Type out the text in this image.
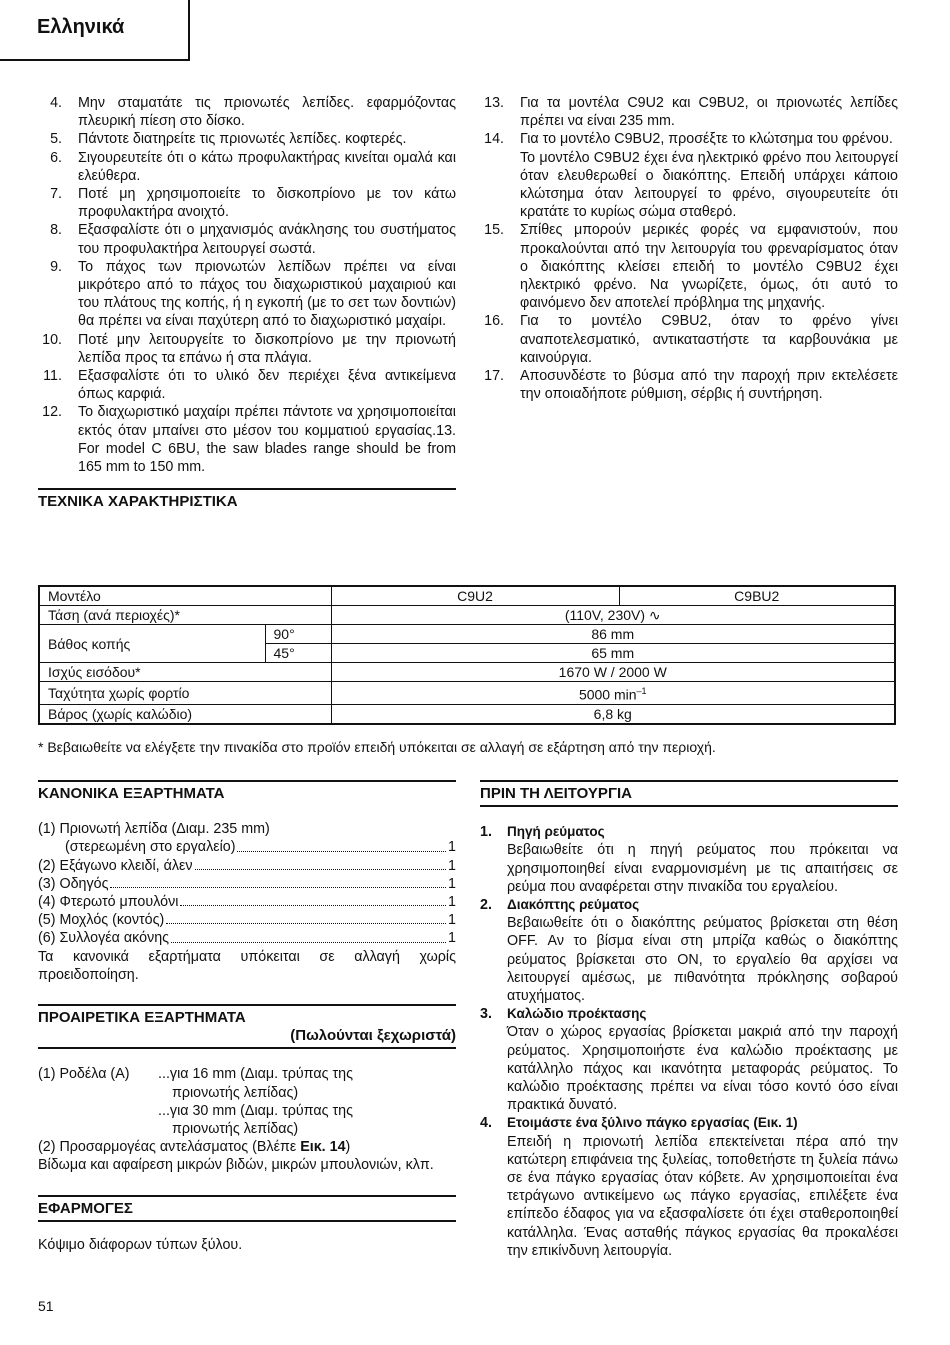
Ελληνικά
4. Μην σταματάτε τις πριονωτές λεπίδες. εφαρμόζοντας πλευρική πίεση στο δίσκο.
5. Πάντοτε διατηρείτε τις πριονωτές λεπίδες. κοφτερές.
6. Σιγουρευτείτε ότι ο κάτω προφυλακτήρας κινείται ομαλά και ελεύθερα.
7. Ποτέ μη χρησιμοποιείτε το δισκοπρίονο με τον κάτω προφυλακτήρα ανοιχτό.
8. Εξασφαλίστε ότι ο μηχανισμός ανάκλησης του συστήματος του προφυλακτήρα λειτουργεί σωστά.
9. Το πάχος των πριονωτών λεπίδων πρέπει να είναι μικρότερο από το πάχος του διαχωριστικού μαχαιριού και του πλάτους της κοπής, ή η εγκοπή (με το σετ των δοντιών) θα πρέπει να είναι παχύτερη από το διαχωριστικό μαχαίρι.
10. Ποτέ μην λειτουργείτε το δισκοπρίονο με την πριονωτή λεπίδα προς τα επάνω ή στα πλάγια.
11. Εξασφαλίστε ότι το υλικό δεν περιέχει ξένα αντικείμενα όπως καρφιά.
12. Το διαχωριστικό μαχαίρι πρέπει πάντοτε να χρησιμοποιείται εκτός όταν μπαίνει στο μέσον του κομματιού εργασίας.13. For model C 6BU, the saw blades range should be from 165 mm to 150 mm.
ΤΕΧΝΙΚΑ ΧΑΡΑΚΤΗΡΙΣΤΙΚΑ
13. Για τα μοντέλα C9U2 και C9BU2, οι πριονωτές λεπίδες πρέπει να είναι 235 mm.
14. Για το μοντέλο C9BU2, προσέξτε το κλώτσημα του φρένου.
Το μοντέλο C9BU2 έχει ένα ηλεκτρικό φρένο που λειτουργεί όταν ελευθερωθεί ο διακόπτης. Επειδή υπάρχει κάποιο κλώτσημα όταν λειτουργεί το φρένο, σιγουρευτείτε ότι κρατάτε το κυρίως σώμα σταθερό.
15. Σπίθες μπορούν μερικές φορές να εμφανιστούν, που προκαλούνται από την λειτουργία του φρεναρίσματος όταν ο διακόπτης κλείσει επειδή το μοντέλο C9BU2 έχει ηλεκτρικό φρένο. Να γνωρίζετε, όμως, ότι αυτό το φαινόμενο δεν αποτελεί πρόβλημα της μηχανής.
16. Για το μοντέλο C9BU2, όταν το φρένο γίνει αναποτελεσματικό, αντικαταστήστε τα καρβουνάκια με καινούργια.
17. Αποσυνδέστε το βύσμα από την παροχή πριν εκτελέσετε την οποιαδήποτε ρύθμιση, σέρβις ή συντήρηση.
Μοντέλο		C9U2	C9BU2
Τάση (ανά περιοχές)*		(110V, 230V) ∿	
Βάθος κοπής	90°	86 mm	
	45°	65 mm	
Ισχύς εισόδου*		1670 W / 2000 W	
Ταχύτητα χωρίς φορτίο		5000 $\min^{-1}$
Βάρος (χωρίς καλώδιο)		6,8 kg	
* Βεβαιωθείτε να ελέγξετε την πινακίδα στο προϊόν επειδή υπόκειται σε αλλαγή σε εξάρτηση από την περιοχή.
ΚΑΝΟΝΙΚΑ ΕΞΑΡΤΗΜΑΤΑ
(1) Πριονωτή λεπίδα (Διαμ. 235 mm)
(στερεωμένη στο εργαλείο)	1
(2) Εξάγωνο κλειδί, άλεν	1
(3) Οδηγός	1
(4) Φτερωτό μπουλόνι	1
(5) Μοχλός (κοντός)	1
(6) Συλλογέα ακόνης	1
Τα κανονικά εξαρτήματα υπόκειται σε αλλαγή χωρίς προειδοποίηση.
ΠΡΟΑΙΡΕΤΙΚΑ ΕΞΑΡΤΗΜΑΤΑ
(Πωλούνται ξεχωριστά)
(1) Ροδέλα (A)	...για 16 mm (Διαμ. τρύπας της
πριονωτής λεπίδας)
...για 30 mm (Διαμ. τρύπας της
πριονωτής λεπίδας)
(2) Προσαρμογέας αντελάσματος (Βλέπε Εικ. 14)
Βίδωμα και αφαίρεση μικρών βιδών, μικρών μπουλονιών, κλπ.
ΕΦΑΡΜΟΓΕΣ
Κόψιμο διάφορων τύπων ξύλου.
ΠΡΙΝ ΤΗ ΛΕΙΤΟΥΡΓΙΑ
1. Πηγή ρεύματος
Βεβαιωθείτε ότι η πηγή ρεύματος που πρόκειται να χρησιμοποιηθεί είναι εναρμονισμένη με τις απαιτήσεις σε ρεύμα που αναφέρεται στην πινακίδα του εργαλείου.
2. Διακόπτης ρεύματος
Βεβαιωθείτε ότι ο διακόπτης ρεύματος βρίσκεται στη θέση OFF. Αν το βίσμα είναι στη μπρίζα καθώς ο διακόπτης ρεύματος βρίσκεται στο ON, το εργαλείο θα αρχίσει να λειτουργεί αμέσως, με πιθανότητα πρόκλησης σοβαρού ατυχήματος.
3. Καλώδιο προέκτασης
Όταν ο χώρος εργασίας βρίσκεται μακριά από την παροχή ρεύματος. Χρησιμοποιήστε ένα καλώδιο προέκτασης με κατάλληλο πάχος και ικανότητα μεταφοράς ρεύματος. Το καλώδιο προέκτασης πρέπει να είναι τόσο κοντό όσο είναι πρακτικά δυνατό.
4. Ετοιμάστε ένα ξύλινο πάγκο εργασίας (Εικ. 1)
Επειδή η πριονωτή λεπίδα επεκτείνεται πέρα από την κατώτερη επιφάνεια της ξυλείας, τοποθετήστε τη ξυλεία πάνω σε ένα πάγκο εργασίας όταν κόβετε. Αν χρησιμοποιείται ένα τετράγωνο αντικείμενο ως πάγκο εργασίας, επιλέξετε ένα επίπεδο έδαφος για να εξασφαλίσετε ότι έχει σταθεροποιηθεί κατάλληλα. Ένας ασταθής πάγκος εργασίας θα προκαλέσει την επικίνδυνη λειτουργία.
51
